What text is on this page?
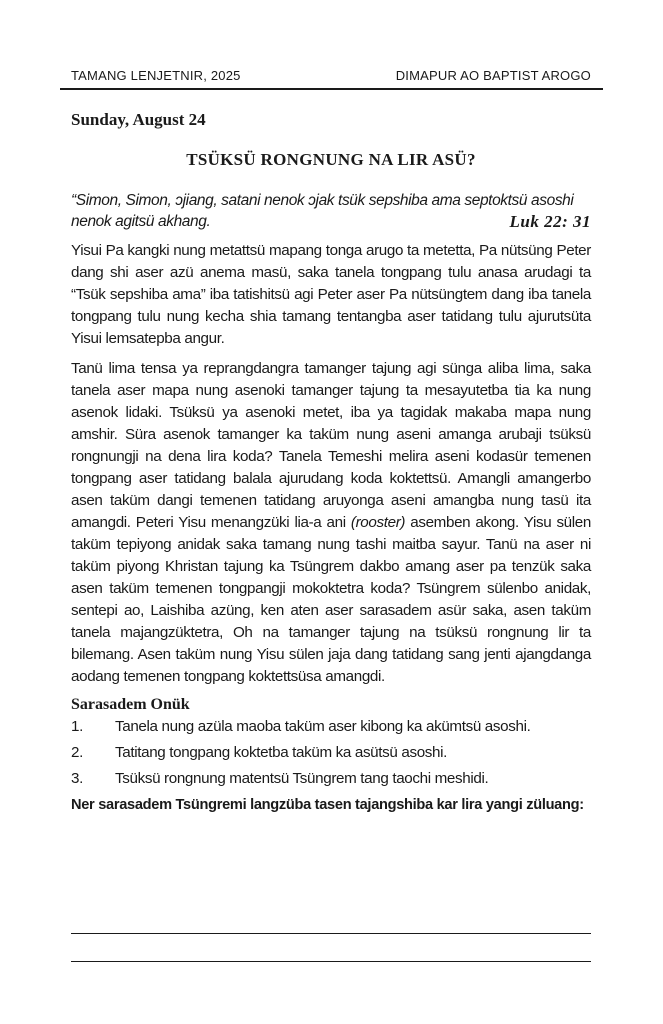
TAMANG LENJETNIR, 2025	DIMAPUR AO BAPTIST AROGO
Sunday, August 24
TSÜKSÜ RONGNUNG NA LIR ASÜ?
“Simon, Simon, ɔjiang, satani nenok ɔjak tsük sepshiba ama septoktsü asoshi nenok agitsü akhang.	Luk 22: 31

Yisui Pa kangki nung metattsü mapang tonga arugo ta metetta, Pa nütsüng Peter dang shi aser azü anema masü, saka tanela tongpang tulu anasa arudagi ta “Tsük sepshiba ama” iba tatishitsü agi Peter aser Pa nütsüngtem dang iba tanela tongpang tulu nung kecha shia tamang tentangba aser tatidang tulu ajurutsüta Yisui lemsatepba angur.

Tanü lima tensa ya reprangdangra tamanger tajung agi sünga aliba lima, saka tanela aser mapa nung asenoki tamanger tajung ta mesayutetba tia ka nung asenok lidaki. Tsüksü ya asenoki metet, iba ya tagidak makaba mapa nung amshir. Süra asenok tamanger ka taküm nung aseni amanga arubaji tsüksü rongnungji na dena lira koda? Tanela Temeshi melira aseni kodasür temenen tongpang aser tatidang balala ajurudang koda koktettsü. Amangli amangerbo asen taküm dangi temenen tatidang aruyonga aseni amangba nung tasü ita amangdi. Peteri Yisu menangzüki lia-a ani (rooster) asemben akong. Yisu sülen taküm tepiyong anidak saka tamang nung tashi maitba sayur. Tanü na aser ni taküm piyong Khristan tajung ka Tsüngrem dakbo amang aser pa tenzük saka asen taküm temenen tongpangji mokoktetra koda? Tsüngrem sülenbo anidak, sentepi ao, Laishiba azüng, ken aten aser sarasadem asür saka, asen taküm tanela majangzüktetra, Oh na tamanger tajung na tsüksü rongnung lir ta bilemang. Asen taküm nung Yisu sülen jaja dang tatidang sang jenti ajangdanga aodang temenen tongpang koktettsüsa amangdi.

Sarasadem Onük
1. Tanela nung azüla maoba taküm aser kibong ka akümtsü asoshi.
2. Tatitang tongpang koktetba taküm ka asütsü asoshi.
3. Tsüksü rongnung matentsü Tsüngrem tang taochi meshidi.
Ner sarasadem Tsüngremi langzüba tasen tajangshiba kar lira yangi züluang:
